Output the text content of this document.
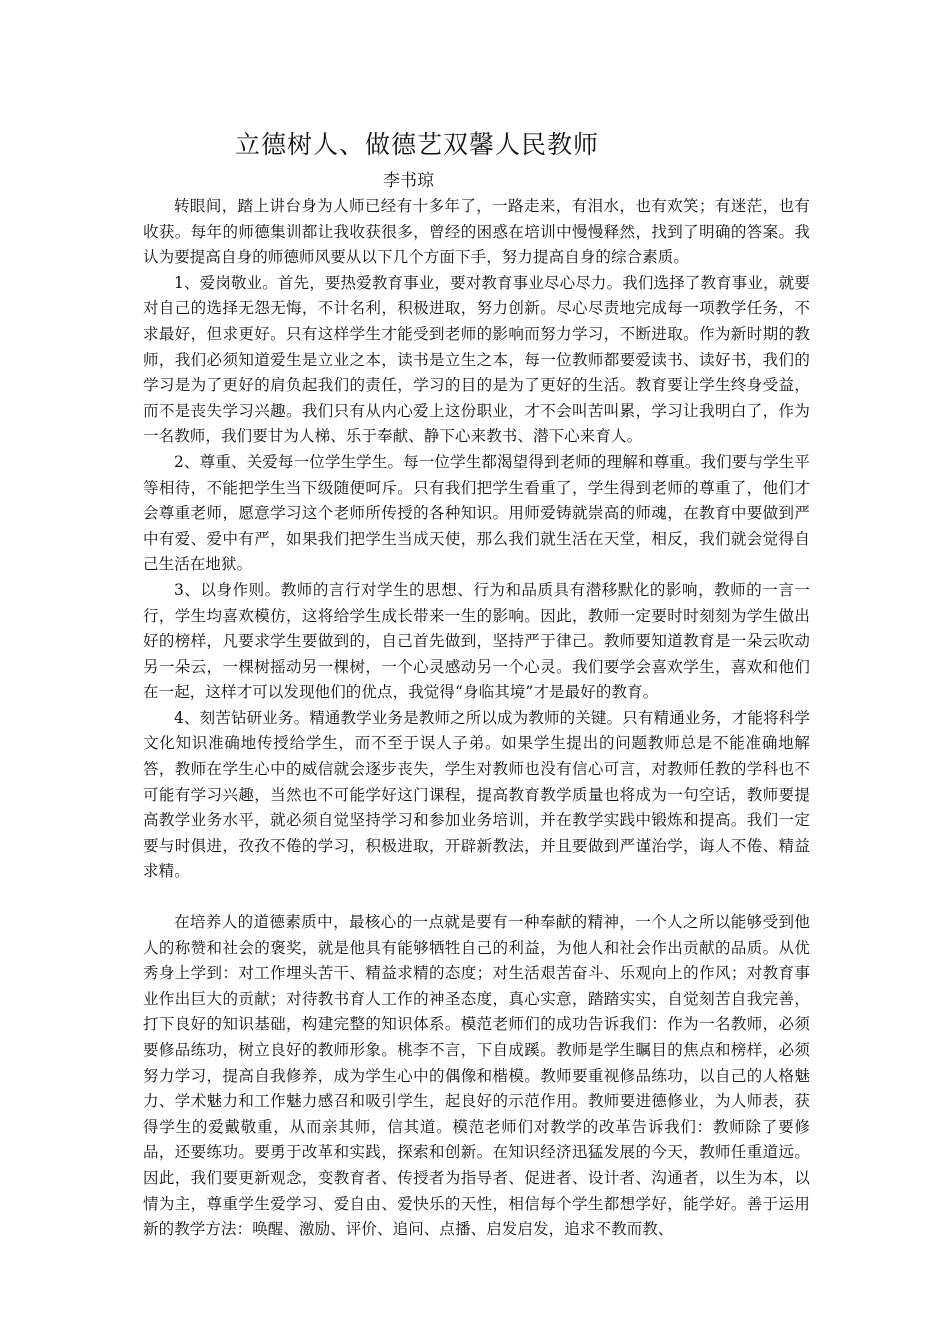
立德树人、做德艺双馨人民教师
李书琼

转眼间，踏上讲台身为人师已经有十多年了，一路走来，有泪水，也有欢笑；有迷茫，也有收获。每年的师德集训都让我收获很多，曾经的困惑在培训中慢慢释然，找到了明确的答案。我认为要提高自身的师德师风要从以下几个方面下手，努力提高自身的综合素质。

1、爱岗敬业。首先，要热爱教育事业，要对教育事业尽心尽力。我们选择了教育事业，就要对自己的选择无怨无悔，不计名利，积极进取，努力创新。尽心尽责地完成每一项教学任务，不求最好，但求更好。只有这样学生才能受到老师的影响而努力学习，不断进取。作为新时期的教师，我们必须知道爱生是立业之本，读书是立生之本，每一位教师都要爱读书、读好书，我们的学习是为了更好的肩负起我们的责任，学习的目的是为了更好的生活。教育要让学生终身受益，而不是丧失学习兴趣。我们只有从内心爱上这份职业，才不会叫苦叫累，学习让我明白了，作为一名教师，我们要甘为人梯、乐于奉献、静下心来教书、潜下心来育人。

2、尊重、关爱每一位学生学生。每一位学生都渴望得到老师的理解和尊重。我们要与学生平等相待，不能把学生当下级随便呵斥。只有我们把学生看重了，学生得到老师的尊重了，他们才会尊重老师，愿意学习这个老师所传授的各种知识。用师爱铸就崇高的师魂，在教育中要做到严中有爱、爱中有严，如果我们把学生当成天使，那么我们就生活在天堂，相反，我们就会觉得自己生活在地狱。

3、以身作则。教师的言行对学生的思想、行为和品质具有潜移默化的影响，教师的一言一行，学生均喜欢模仿，这将给学生成长带来一生的影响。因此，教师一定要时时刻刻为学生做出好的榜样，凡要求学生要做到的，自己首先做到，坚持严于律己。教师要知道教育是一朵云吹动另一朵云，一棵树摇动另一棵树，一个心灵感动另一个心灵。我们要学会喜欢学生，喜欢和他们在一起，这样才可以发现他们的优点，我觉得“身临其境”才是最好的教育。

4、刻苦钻研业务。精通教学业务是教师之所以成为教师的关键。只有精通业务，才能将科学文化知识准确地传授给学生，而不至于误人子弟。如果学生提出的问题教师总是不能准确地解答，教师在学生心中的威信就会逐步丧失，学生对教师也没有信心可言，对教师任教的学科也不可能有学习兴趣，当然也不可能学好这门课程，提高教育教学质量也将成为一句空话，教师要提高教学业务水平，就必须自觉坚持学习和参加业务培训，并在教学实践中锻炼和提高。我们一定要与时俱进，孜孜不倦的学习，积极进取，开辟新教法，并且要做到严谨治学，诲人不倦、精益求精。

在培养人的道德素质中，最核心的一点就是要有一种奉献的精神，一个人之所以能够受到他人的称赞和社会的褒奖，就是他具有能够牺牲自己的利益，为他人和社会作出贡献的品质。从优秀身上学到：对工作埋头苦干、精益求精的态度；对生活艰苦奋斗、乐观向上的作风；对教育事业作出巨大的贡献；对待教书育人工作的神圣态度，真心实意，踏踏实实，自觉刻苦自我完善，打下良好的知识基础，构建完整的知识体系。模范老师们的成功告诉我们：作为一名教师，必须要修品练功，树立良好的教师形象。桃李不言，下自成蹊。教师是学生瞩目的焦点和榜样，必须努力学习，提高自我修养，成为学生心中的偶像和楷模。教师要重视修品练功，以自己的人格魅力、学术魅力和工作魅力感召和吸引学生，起良好的示范作用。教师要进德修业，为人师表，获得学生的爱戴敬重，从而亲其师，信其道。模范老师们对教学的改革告诉我们：教师除了要修品，还要练功。要勇于改革和实践，探索和创新。在知识经济迅猛发展的今天，教师任重道远。因此，我们要更新观念，变教育者、传授者为指导者、促进者、设计者、沟通者，以生为本，以情为主，尊重学生爱学习、爱自由、爱快乐的天性，相信每个学生都想学好，能学好。善于运用新的教学方法：唤醒、激励、评价、追问、点播、启发启发，追求不教而教、
